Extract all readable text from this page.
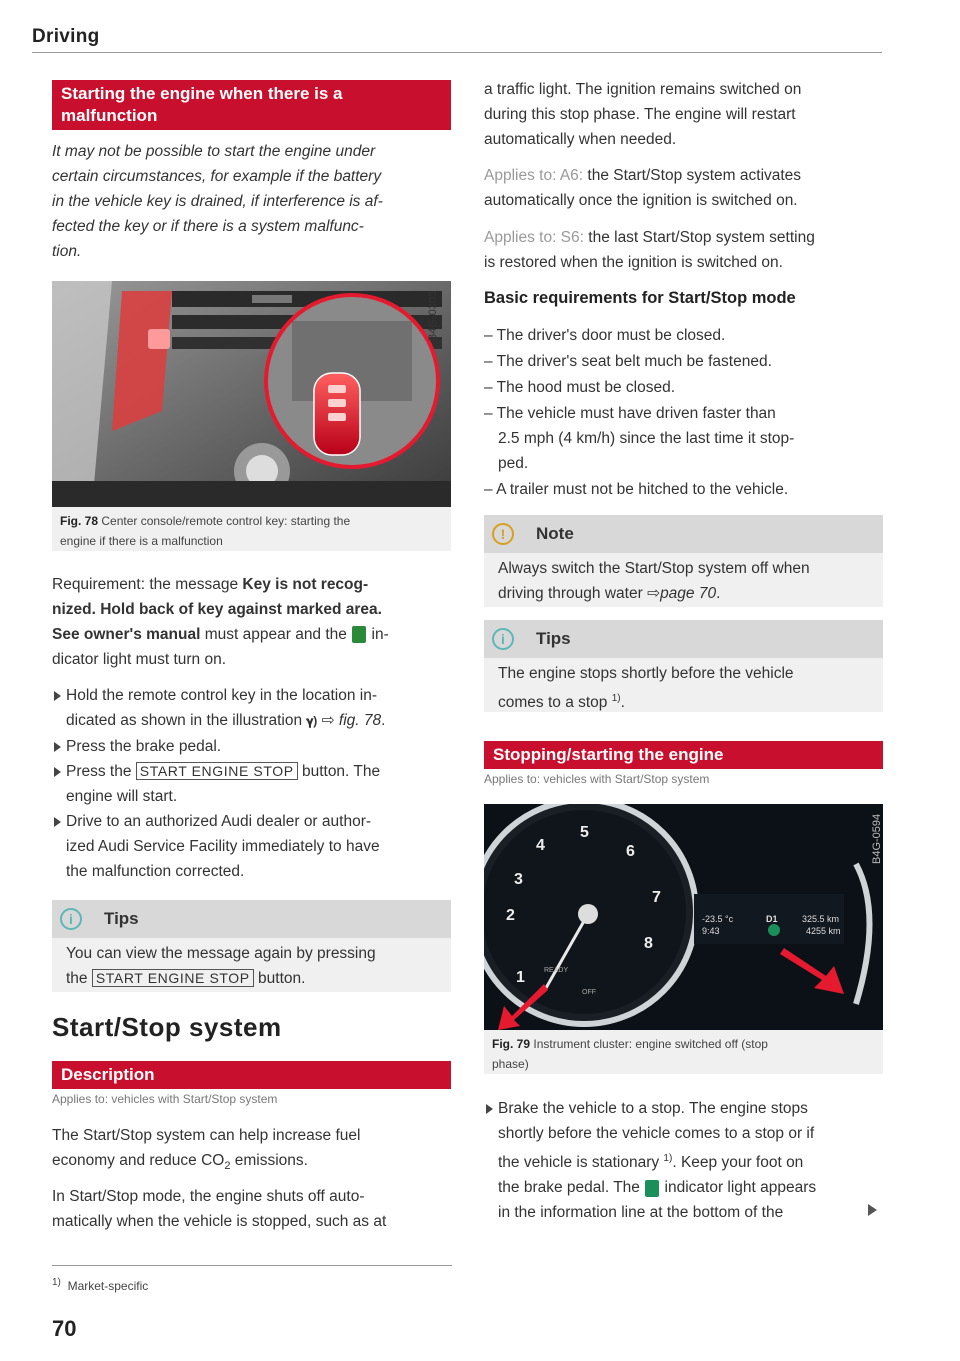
Driving
Starting the engine when there is a
malfunction
It may not be possible to start the engine under
certain circumstances, for example if the battery
in the vehicle key is drained, if interference is af-
fected the key or if there is a system malfunc-
tion.
B4G-0303
Fig. 78 Center console/remote control key: starting the
engine if there is a malfunction
Requirement: the message Key is not recog-
nized. Hold back of key against marked area.
See owner's manual must appear and the  in-
dicator light must turn on.
Hold the remote control key in the location in-
dicated as shown in the illustration 𝛄) ⇨ fig. 78.
Press the brake pedal.
Press the START ENGINE STOP button. The
engine will start.
Drive to an authorized Audi dealer or author-
ized Audi Service Facility immediately to have
the malfunction corrected.
i	Tips
You can view the message again by pressing
the START ENGINE STOP button.
Start/Stop system
Description
Applies to: vehicles with Start/Stop system
The Start/Stop system can help increase fuel
economy and reduce $CO_2$ emissions.
In Start/Stop mode, the engine shuts off auto-
matically when the vehicle is stopped, such as at
$^{1)}$ Market-specific
70
a traffic light. The ignition remains switched on
during this stop phase. The engine will restart
automatically when needed.
Applies to: A6: the Start/Stop system activates
automatically once the ignition is switched on.
Applies to: S6: the last Start/Stop system setting
is restored when the ignition is switched on.
Basic requirements for Start/Stop mode
– The driver's door must be closed.
– The driver's seat belt much be fastened.
– The hood must be closed.
– The vehicle must have driven faster than
2.5 mph (4 km/h) since the last time it stop-
ped.
– A trailer must not be hitched to the vehicle.
!	Note
Always switch the Start/Stop system off when
driving through water ⇨page 70.
i	Tips
The engine stops shortly before the vehicle
comes to a stop $^{1)}$.
Stopping/starting the engine
Applies to: vehicles with Start/Stop system
1
2
3
4
5
6
7
8
READY
OFF
-23.5 °c
9:43
D1	325.5 km
4255 km
B4G-0594
Fig. 79 Instrument cluster: engine switched off (stop
phase)
Brake the vehicle to a stop. The engine stops
shortly before the vehicle comes to a stop or if
the vehicle is stationary $^{1)}$. Keep your foot on
the brake pedal. The  indicator light appears
in the information line at the bottom of the
